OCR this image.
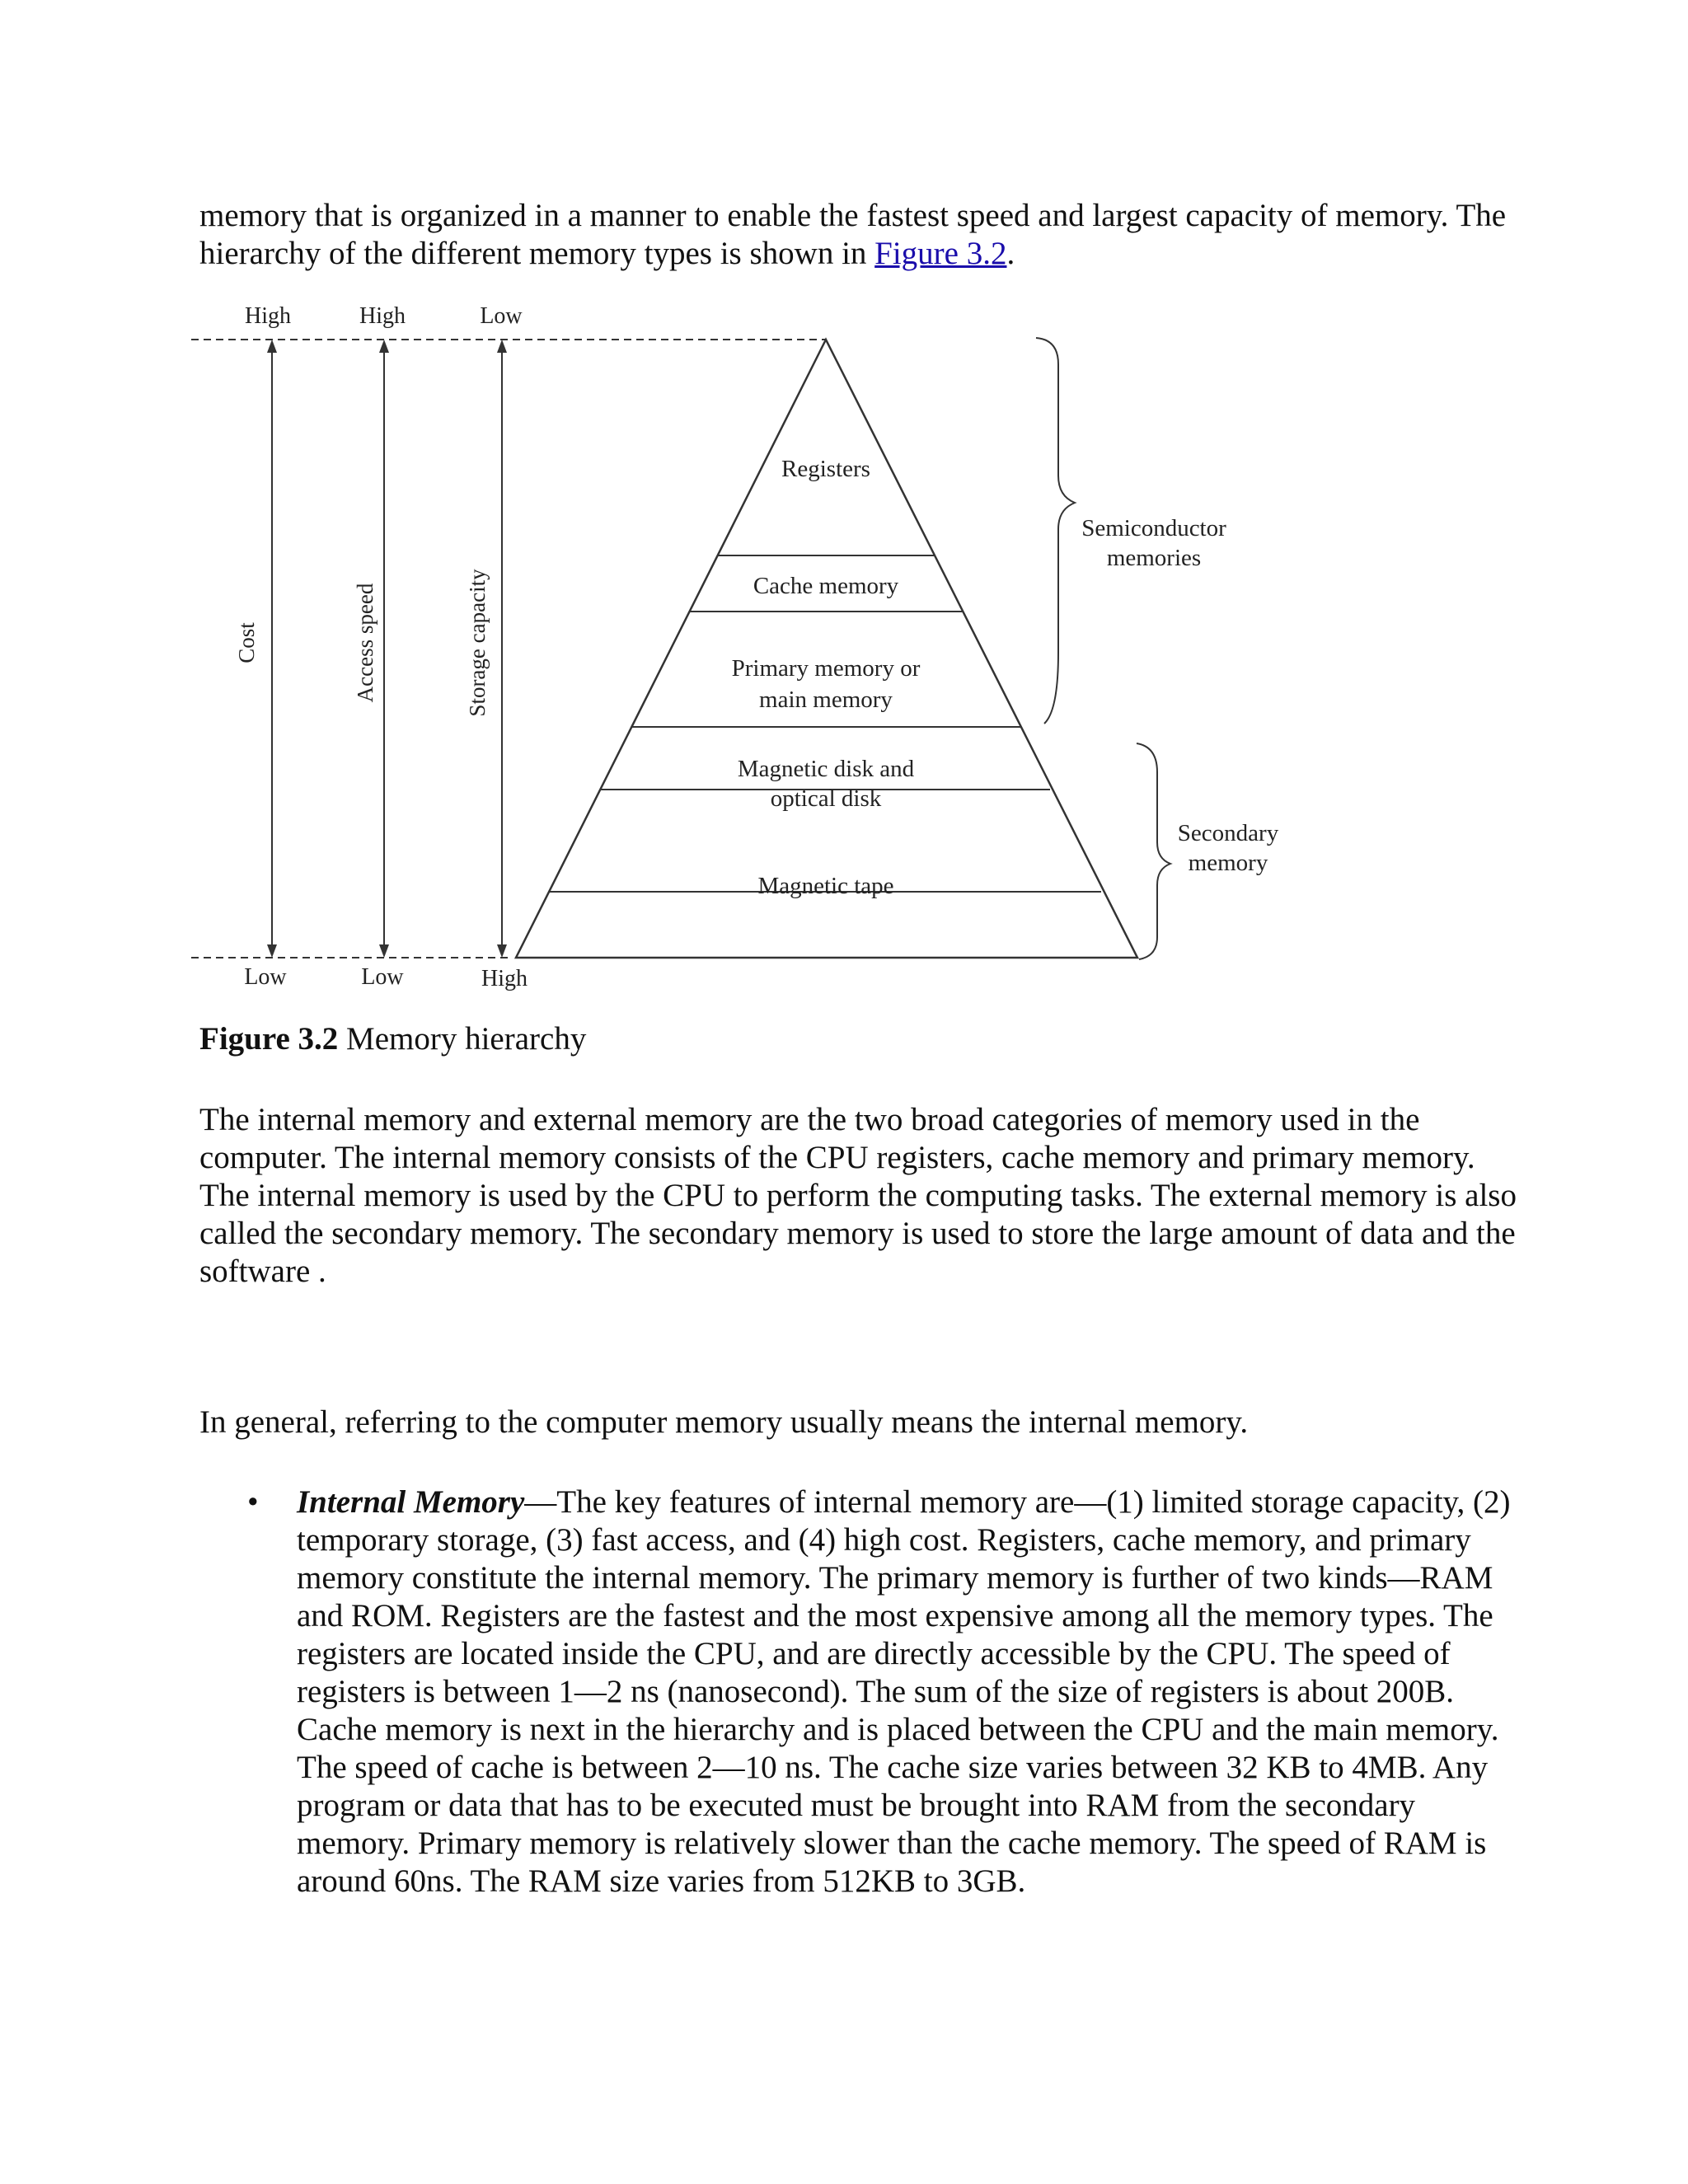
memory that is organized in a manner to enable the fastest speed and largest capacity of memory. The hierarchy of the different memory types is shown in Figure 3.2.
High	High	Low
Low	Low	High
Cost	Access speed	Storage capacity
Registers
Cache memory
Primary memory or
main memory
Magnetic disk and
optical disk
Magnetic tape
Semiconductor
memories
Secondary
memory
Figure 3.2 Memory hierarchy
The internal memory and external memory are the two broad categories of memory used in the computer. The internal memory consists of the CPU registers, cache memory and primary memory. The internal memory is used by the CPU to perform the computing tasks. The external memory is also called the secondary memory. The secondary memory is used to store the large amount of data and the software .
In general, referring to the computer memory usually means the internal memory.
• Internal Memory—The key features of internal memory are—(1) limited storage capacity, (2) temporary storage, (3) fast access, and (4) high cost. Registers, cache memory, and primary memory constitute the internal memory. The primary memory is further of two kinds—RAM and ROM. Registers are the fastest and the most expensive among all the memory types. The registers are located inside the CPU, and are directly accessible by the CPU. The speed of registers is between 1—2 ns (nanosecond). The sum of the size of registers is about 200B. Cache memory is next in the hierarchy and is placed between the CPU and the main memory. The speed of cache is between 2—10 ns. The cache size varies between 32 KB to 4MB. Any program or data that has to be executed must be brought into RAM from the secondary memory. Primary memory is relatively slower than the cache memory. The speed of RAM is around 60ns. The RAM size varies from 512KB to 3GB.
